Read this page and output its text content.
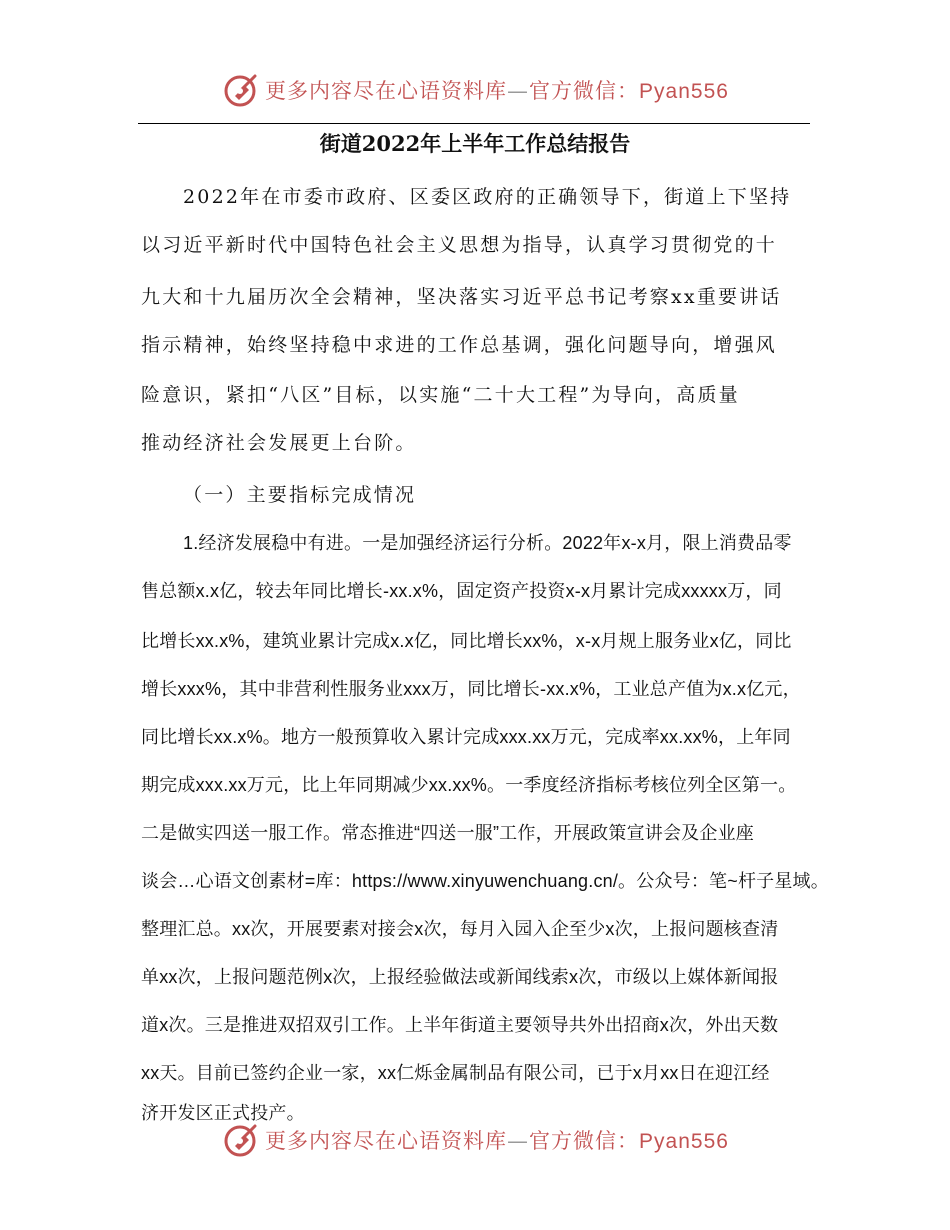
更多内容尽在心语资料库—官方微信：Pyan556
街道2022年上半年工作总结报告
2022年在市委市政府、区委区政府的正确领导下，街道上下坚持
以习近平新时代中国特色社会主义思想为指导，认真学习贯彻党的十
九大和十九届历次全会精神，坚决落实习近平总书记考察xx重要讲话
指示精神，始终坚持稳中求进的工作总基调，强化问题导向，增强风
险意识，紧扣“八区”目标，以实施“二十大工程”为导向，高质量
推动经济社会发展更上台阶。
（一）主要指标完成情况
1.经济发展稳中有进。一是加强经济运行分析。2022年x-x月，限上消费品零
售总额x.x亿，较去年同比增长-xx.x%，固定资产投资x-x月累计完成xxxxx万，同
比增长xx.x%，建筑业累计完成x.x亿，同比增长xx%，x-x月规上服务业x亿，同比
增长xxx%，其中非营利性服务业xxx万，同比增长-xx.x%，工业总产值为x.x亿元，
同比增长xx.x%。地方一般预算收入累计完成xxx.xx万元，完成率xx.xx%，上年同
期完成xxx.xx万元，比上年同期减少xx.xx%。一季度经济指标考核位列全区第一。
二是做实四送一服工作。常态推进“四送一服”工作，开展政策宣讲会及企业座
谈会…心语文创素材=库：https://www.xinyuwenchuang.cn/。公众号：笔~杆子星域。
整理汇总。xx次，开展要素对接会x次，每月入园入企至少x次，上报问题核查清
单xx次，上报问题范例x次，上报经验做法或新闻线索x次，市级以上媒体新闻报
道x次。三是推进双招双引工作。上半年街道主要领导共外出招商x次，外出天数
xx天。目前已签约企业一家，xx仁烁金属制品有限公司，已于x月xx日在迎江经
济开发区正式投产。
更多内容尽在心语资料库—官方微信：Pyan556
